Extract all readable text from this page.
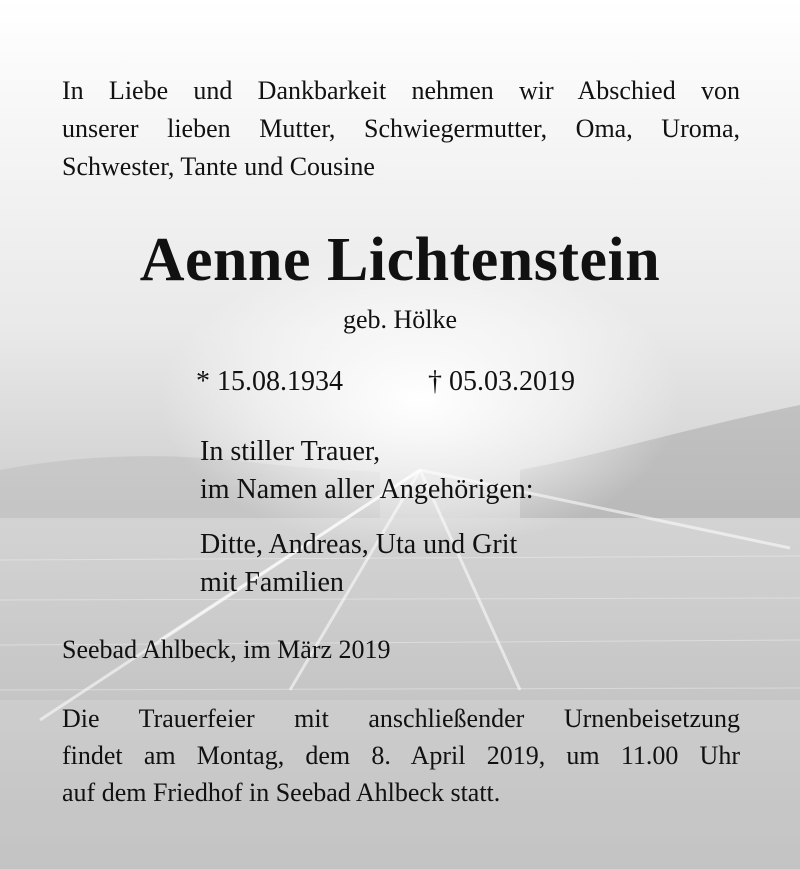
In Liebe und Dankbarkeit nehmen wir Abschied von
unserer lieben Mutter, Schwiegermutter, Oma, Uroma,
Schwester, Tante und Cousine
Aenne Lichtenstein

geb. Hölke

* 15.08.1934	† 05.03.2019
In stiller Trauer,
im Namen aller Angehörigen:
Ditte, Andreas, Uta und Grit
mit Familien

Seebad Ahlbeck, im März 2019

Die Trauerfeier mit anschließender Urnenbeisetzung
findet am Montag, dem 8. April 2019, um 11.00 Uhr
auf dem Friedhof in Seebad Ahlbeck statt.
